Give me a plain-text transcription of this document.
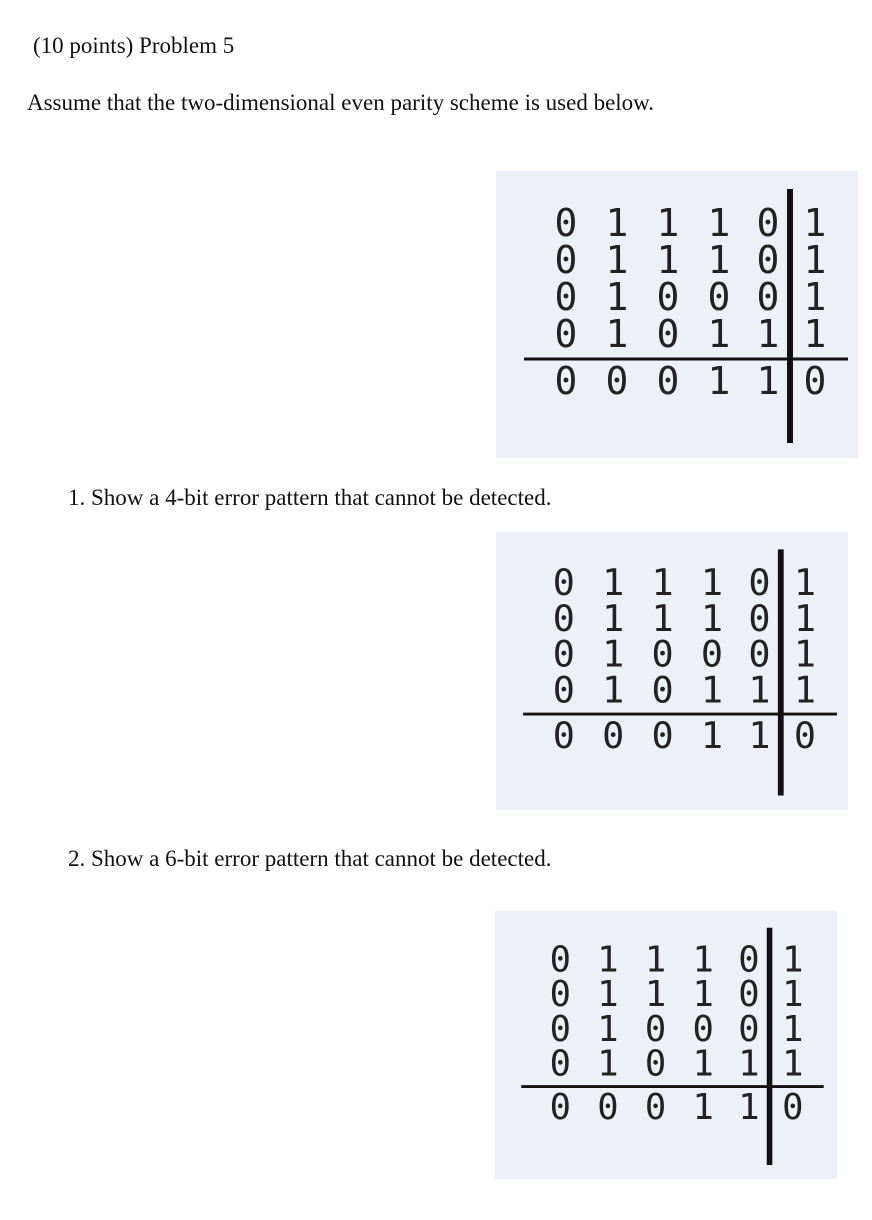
(10 points) Problem 5
Assume that the two-dimensional even parity scheme is used below.
0 1 1 1 0 1
0 1 1 1 0 1
0 1 0 0 0 1
0 1 0 1 1 1
0 0 0 1 1 0
1. Show a 4-bit error pattern that cannot be detected.
0 1 1 1 0 1
0 1 1 1 0 1
0 1 0 0 0 1
0 1 0 1 1 1
0 0 0 1 1 0
2. Show a 6-bit error pattern that cannot be detected.
0 1 1 1 0 1
0 1 1 1 0 1
0 1 0 0 0 1
0 1 0 1 1 1
0 0 0 1 1 0
